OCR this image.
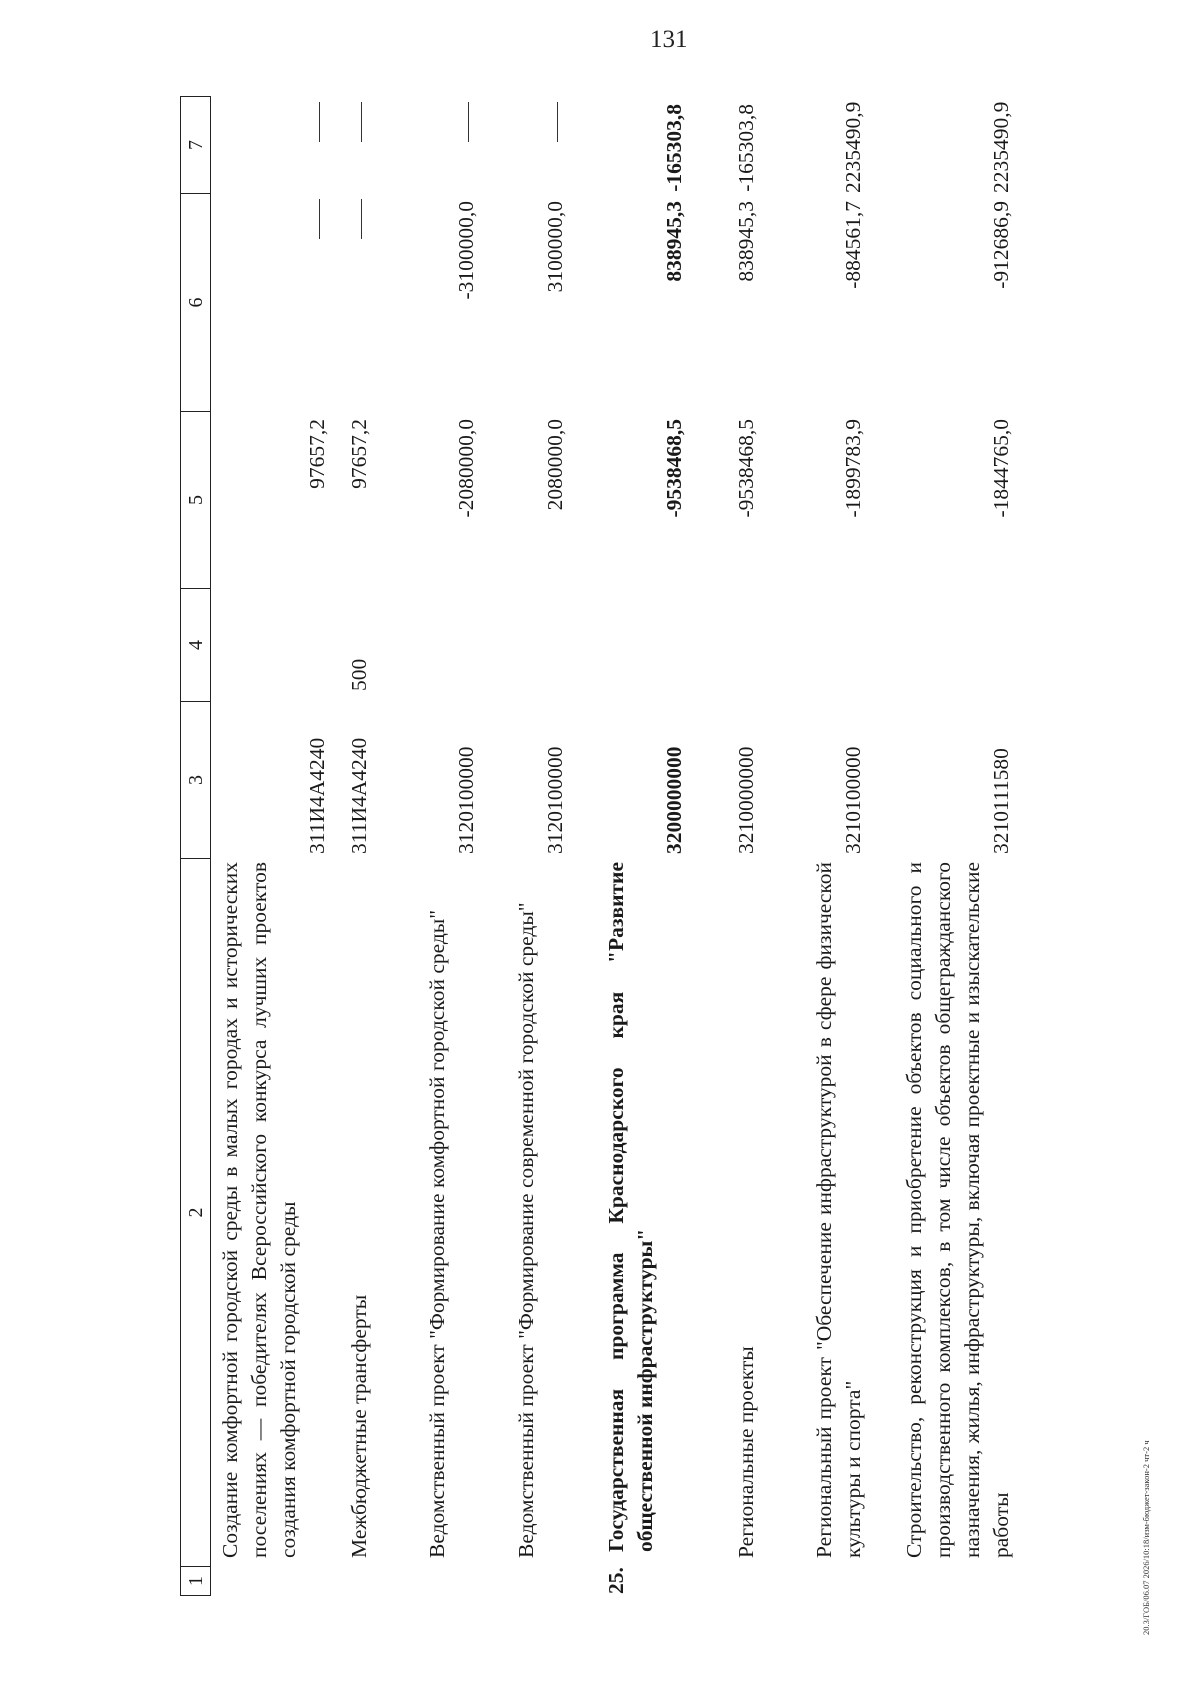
131
20.3/ГОБ/06.07 2026/10:18/изм-бюджет-закон-2 чт-2 ч
1
2
3
4
5
6
7
Создание комфортной городской среды в малых городах и исторических поселениях — победителях Всероссийского конкурса лучших проектов создания комфортной городской среды
311И4А4240
97657,2
Межбюджетные трансферты
311И4А4240
500
97657,2
Ведомственный проект "Формирование комфортной городской среды"
3120100000
-2080000,0
-3100000,0
Ведомственный проект "Формирование современной городской среды"
3120100000
2080000,0
3100000,0
25.
Государственная программа Краснодарского края "Развитие общественной инфраструктуры"
3200000000
-9538468,5
838945,3
-165303,8
Региональные проекты
3210000000
-9538468,5
838945,3
-165303,8
Региональный проект "Обеспечение инфраструктурой в сфере физической культуры и спорта"
3210100000
-1899783,9
-884561,7
2235490,9
Строительство, реконструкция и приобретение объектов социального и производственного комплексов, в том числе объектов общегражданского назначения, жилья, инфраструктуры, включая проектные и изыскательские работы
3210111580
-1844765,0
-912686,9
2235490,9
